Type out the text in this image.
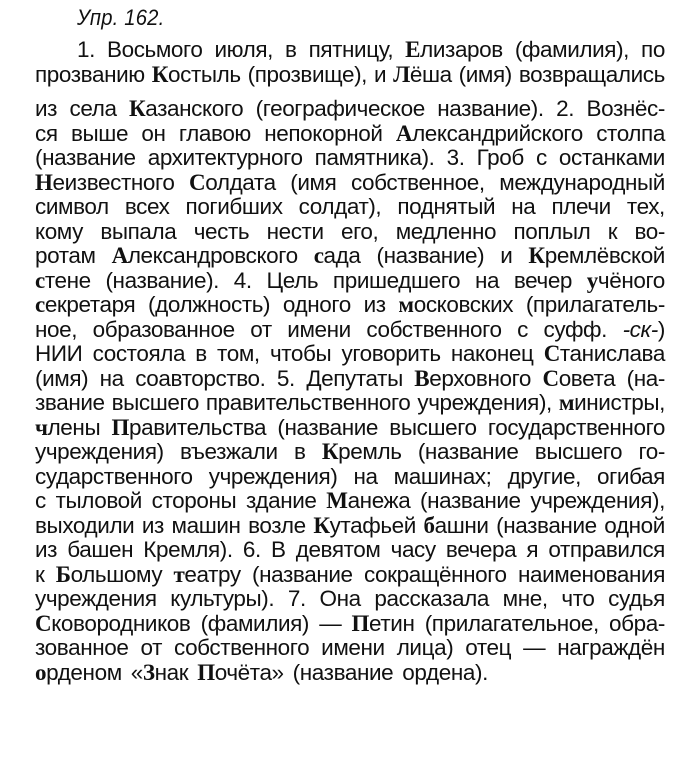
Упр. 162.
1. Восьмого июля, в пятницу, Елизаров (фамилия), по
прозванию Костыль (прозвище), и Лёша (имя) возвращались
из села Казанского (географическое название). 2. Вознёс-
ся выше он главою непокорной Александрийского столпа
(название архитектурного памятника). 3. Гроб с останками
Неизвестного Солдата (имя собственное, международный
символ всех погибших солдат), поднятый на плечи тех,
кому выпала честь нести его, медленно поплыл к во-
ротам Александровского сада (название) и Кремлёвской
стене (название). 4. Цель пришедшего на вечер учёного
секретаря (должность) одного из московских (прилагатель-
ное, образованное от имени собственного с суфф. -ск-)
НИИ состояла в том, чтобы уговорить наконец Станислава
(имя) на соавторство. 5. Депутаты Верховного Совета (на-
звание высшего правительственного учреждения), министры,
члены Правительства (название высшего государственного
учреждения) въезжали в Кремль (название высшего го-
сударственного учреждения) на машинах; другие, огибая
с тыловой стороны здание Манежа (название учреждения),
выходили из машин возле Кутафьей башни (название одной
из башен Кремля). 6. В девятом часу вечера я отправился
к Большому театру (название сокращённого наименования
учреждения культуры). 7. Она рассказала мне, что судья
Сковородников (фамилия) — Петин (прилагательное, обра-
зованное от собственного имени лица) отец — награждён
орденом «Знак Почёта» (название ордена).
